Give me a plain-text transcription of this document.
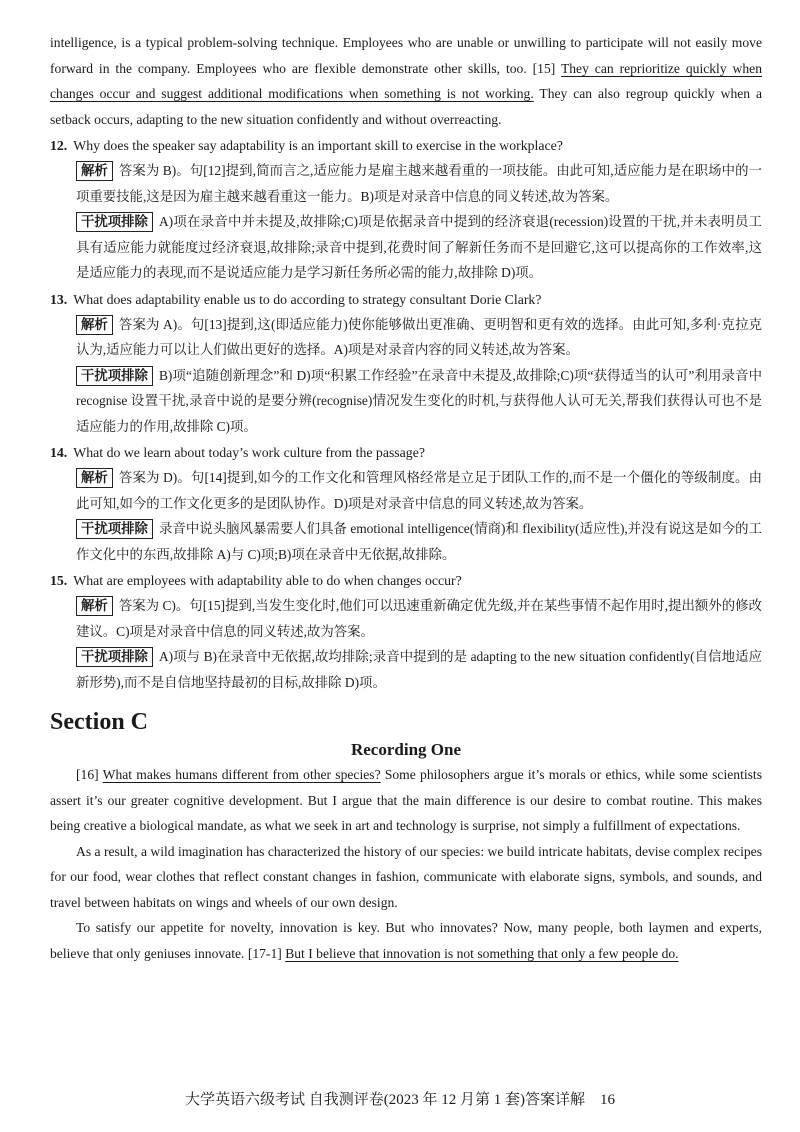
intelligence, is a typical problem-solving technique. Employees who are unable or unwilling to participate will not easily move forward in the company. Employees who are flexible demonstrate other skills, too. [15] They can reprioritize quickly when changes occur and suggest additional modifications when something is not working. They can also regroup quickly when a setback occurs, adapting to the new situation confidently and without overreacting.

12. Why does the speaker say adaptability is an important skill to exercise in the workplace?

解析 答案为 B)。句[12]提到,简而言之,适应能力是雇主越来越看重的一项技能。由此可知,适应能力是在职场中的一项重要技能,这是因为雇主越来越看重这一能力。B)项是对录音中信息的同义转述,故为答案。

干扰项排除 A)项在录音中并未提及,故排除;C)项是依据录音中提到的经济衰退(recession)设置的干扰,并未表明员工具有适应能力就能度过经济衰退,故排除;录音中提到,花费时间了解新任务而不是回避它,这可以提高你的工作效率,这是适应能力的表现,而不是说适应能力是学习新任务所必需的能力,故排除 D)项。

13. What does adaptability enable us to do according to strategy consultant Dorie Clark?

解析 答案为 A)。句[13]提到,这(即适应能力)使你能够做出更准确、更明智和更有效的选择。由此可知,多利·克拉克认为,适应能力可以让人们做出更好的选择。A)项是对录音内容的同义转述,故为答案。

干扰项排除 B)项“追随创新理念”和 D)项“积累工作经验”在录音中未提及,故排除;C)项“获得适当的认可”利用录音中 recognise 设置干扰,录音中说的是要分辨(recognise)情况发生变化的时机,与获得他人认可无关,帮我们获得认可也不是适应能力的作用,故排除 C)项。

14. What do we learn about today’s work culture from the passage?

解析 答案为 D)。句[14]提到,如今的工作文化和管理风格经常是立足于团队工作的,而不是一个僵化的等级制度。由此可知,如今的工作文化更多的是团队协作。D)项是对录音中信息的同义转述,故为答案。

干扰项排除 录音中说头脑风暴需要人们具备 emotional intelligence(情商)和 flexibility(适应性),并没有说这是如今的工作文化中的东西,故排除 A)与 C)项;B)项在录音中无依据,故排除。

15. What are employees with adaptability able to do when changes occur?

解析 答案为 C)。句[15]提到,当发生变化时,他们可以迅速重新确定优先级,并在某些事情不起作用时,提出额外的修改建议。C)项是对录音中信息的同义转述,故为答案。

干扰项排除 A)项与 B)在录音中无依据,故均排除;录音中提到的是 adapting to the new situation confidently(自信地适应新形势),而不是自信地坚持最初的目标,故排除 D)项。

Section C
Recording One

[16] What makes humans different from other species? Some philosophers argue it’s morals or ethics, while some scientists assert it’s our greater cognitive development. But I argue that the main difference is our desire to combat routine. This makes being creative a biological mandate, as what we seek in art and technology is surprise, not simply a fulfillment of expectations.

As a result, a wild imagination has characterized the history of our species: we build intricate habitats, devise complex recipes for our food, wear clothes that reflect constant changes in fashion, communicate with elaborate signs, symbols, and sounds, and travel between habitats on wings and wheels of our own design.

To satisfy our appetite for novelty, innovation is key. But who innovates? Now, many people, both laymen and experts, believe that only geniuses innovate. [17-1] But I believe that innovation is not something that only a few people do.

大学英语六级考试 自我测评卷(2023 年 12 月第 1 套)答案详解　16
